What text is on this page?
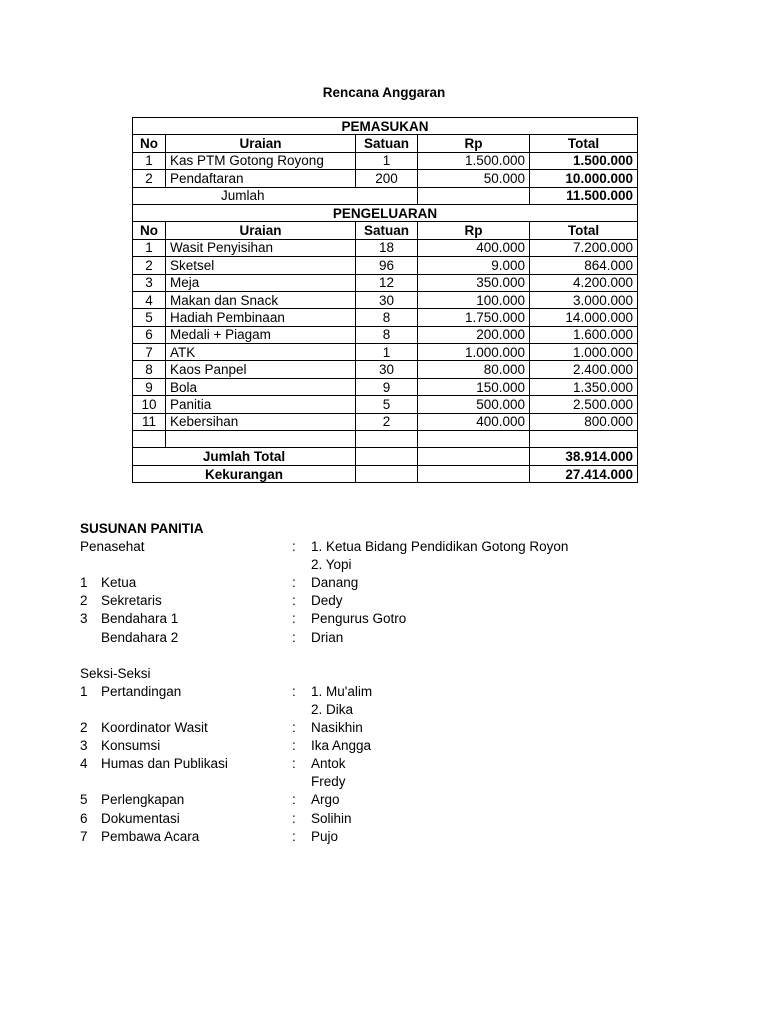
Rencana Anggaran
PEMASUKAN				
No	Uraian	Satuan	Rp	Total
1	Kas PTM Gotong Royong	1	1.500.000	1.500.000
2	Pendaftaran	200	50.000	10.000.000
Jumlah				11.500.000
PENGELUARAN				
No	Uraian	Satuan	Rp	Total
1	Wasit Penyisihan	18	400.000	7.200.000
2	Sketsel	96	9.000	864.000
3	Meja	12	350.000	4.200.000
4	Makan dan Snack	30	100.000	3.000.000
5	Hadiah Pembinaan	8	1.750.000	14.000.000
6	Medali + Piagam	8	200.000	1.600.000
7	ATK	1	1.000.000	1.000.000
8	Kaos Panpel	30	80.000	2.400.000
9	Bola	9	150.000	1.350.000
10	Panitia	5	500.000	2.500.000
11	Kebersihan	2	400.000	800.000

Jumlah Total				38.914.000
Kekurangan				27.414.000
SUSUNAN PANITIA
Penasehat	: 1. Ketua Bidang Pendidikan Gotong Royon
2. Yopi
1 Ketua	: Danang
2 Sekretaris	: Dedy
3 Bendahara 1	: Pengurus Gotro
Bendahara 2	: Drian
Seksi-Seksi
1 Pertandingan	: 1. Mu'alim
2. Dika
2 Koordinator Wasit	: Nasikhin
3 Konsumsi	: Ika Angga
4 Humas dan Publikasi	: Antok
Fredy
5 Perlengkapan	: Argo
6 Dokumentasi	: Solihin
7 Pembawa Acara	: Pujo
